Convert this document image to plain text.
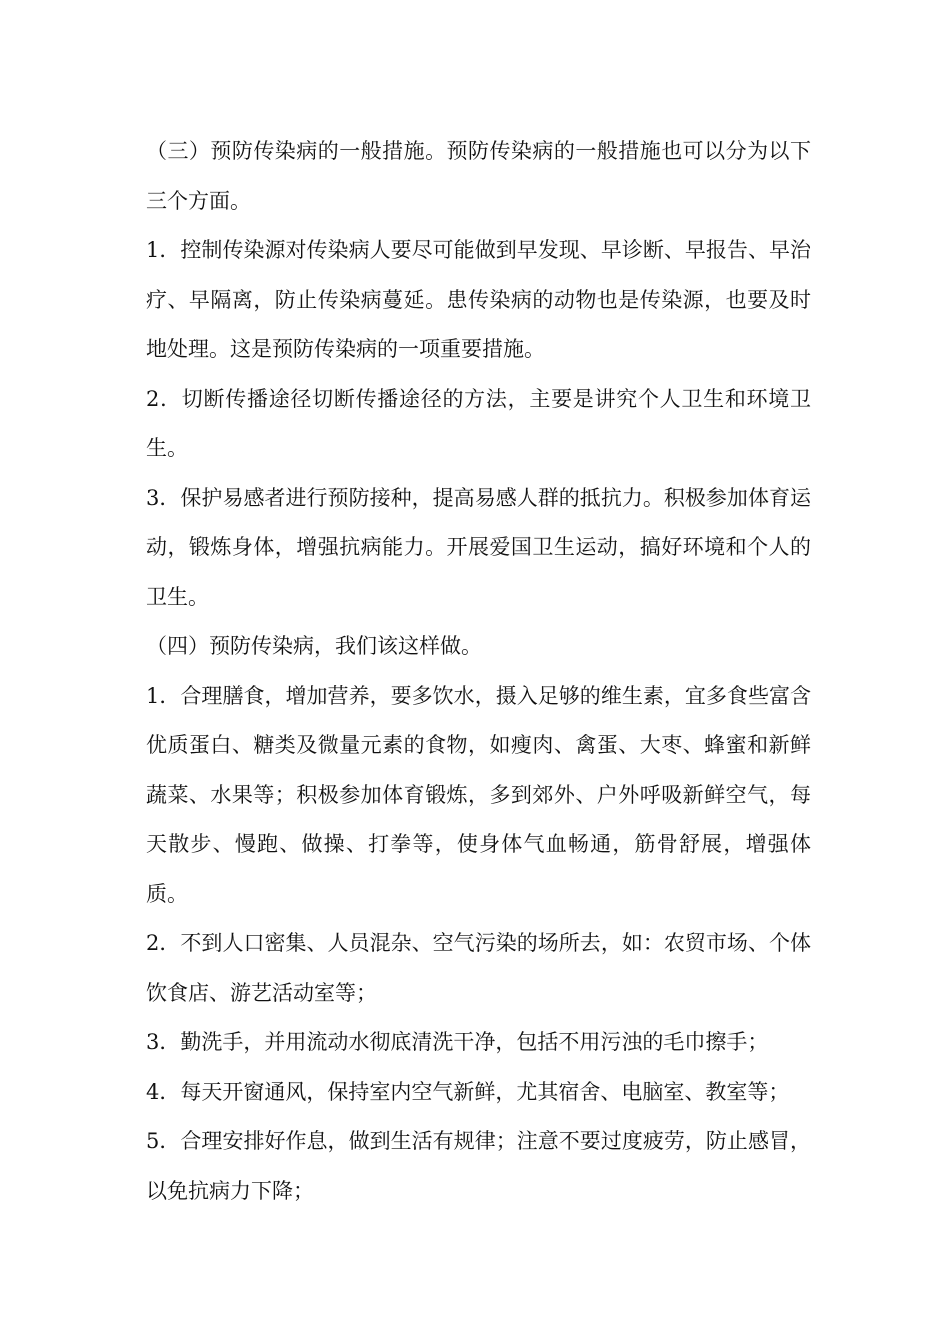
（三）预防传染病的一般措施。预防传染病的一般措施也可以分为以下三个方面。

1．控制传染源对传染病人要尽可能做到早发现、早诊断、早报告、早治疗、早隔离，防止传染病蔓延。患传染病的动物也是传染源，也要及时地处理。这是预防传染病的一项重要措施。

2．切断传播途径切断传播途径的方法，主要是讲究个人卫生和环境卫生。

3．保护易感者进行预防接种，提高易感人群的抵抗力。积极参加体育运动，锻炼身体，增强抗病能力。开展爱国卫生运动，搞好环境和个人的卫生。

（四）预防传染病，我们该这样做。

1．合理膳食，增加营养，要多饮水，摄入足够的维生素，宜多食些富含优质蛋白、糖类及微量元素的食物，如瘦肉、禽蛋、大枣、蜂蜜和新鲜蔬菜、水果等；积极参加体育锻炼，多到郊外、户外呼吸新鲜空气，每天散步、慢跑、做操、打拳等，使身体气血畅通，筋骨舒展，增强体质。

2．不到人口密集、人员混杂、空气污染的场所去，如：农贸市场、个体饮食店、游艺活动室等；

3．勤洗手，并用流动水彻底清洗干净，包括不用污浊的毛巾擦手；

4．每天开窗通风，保持室内空气新鲜，尤其宿舍、电脑室、教室等；

5．合理安排好作息，做到生活有规律；注意不要过度疲劳，防止感冒，以免抗病力下降；
